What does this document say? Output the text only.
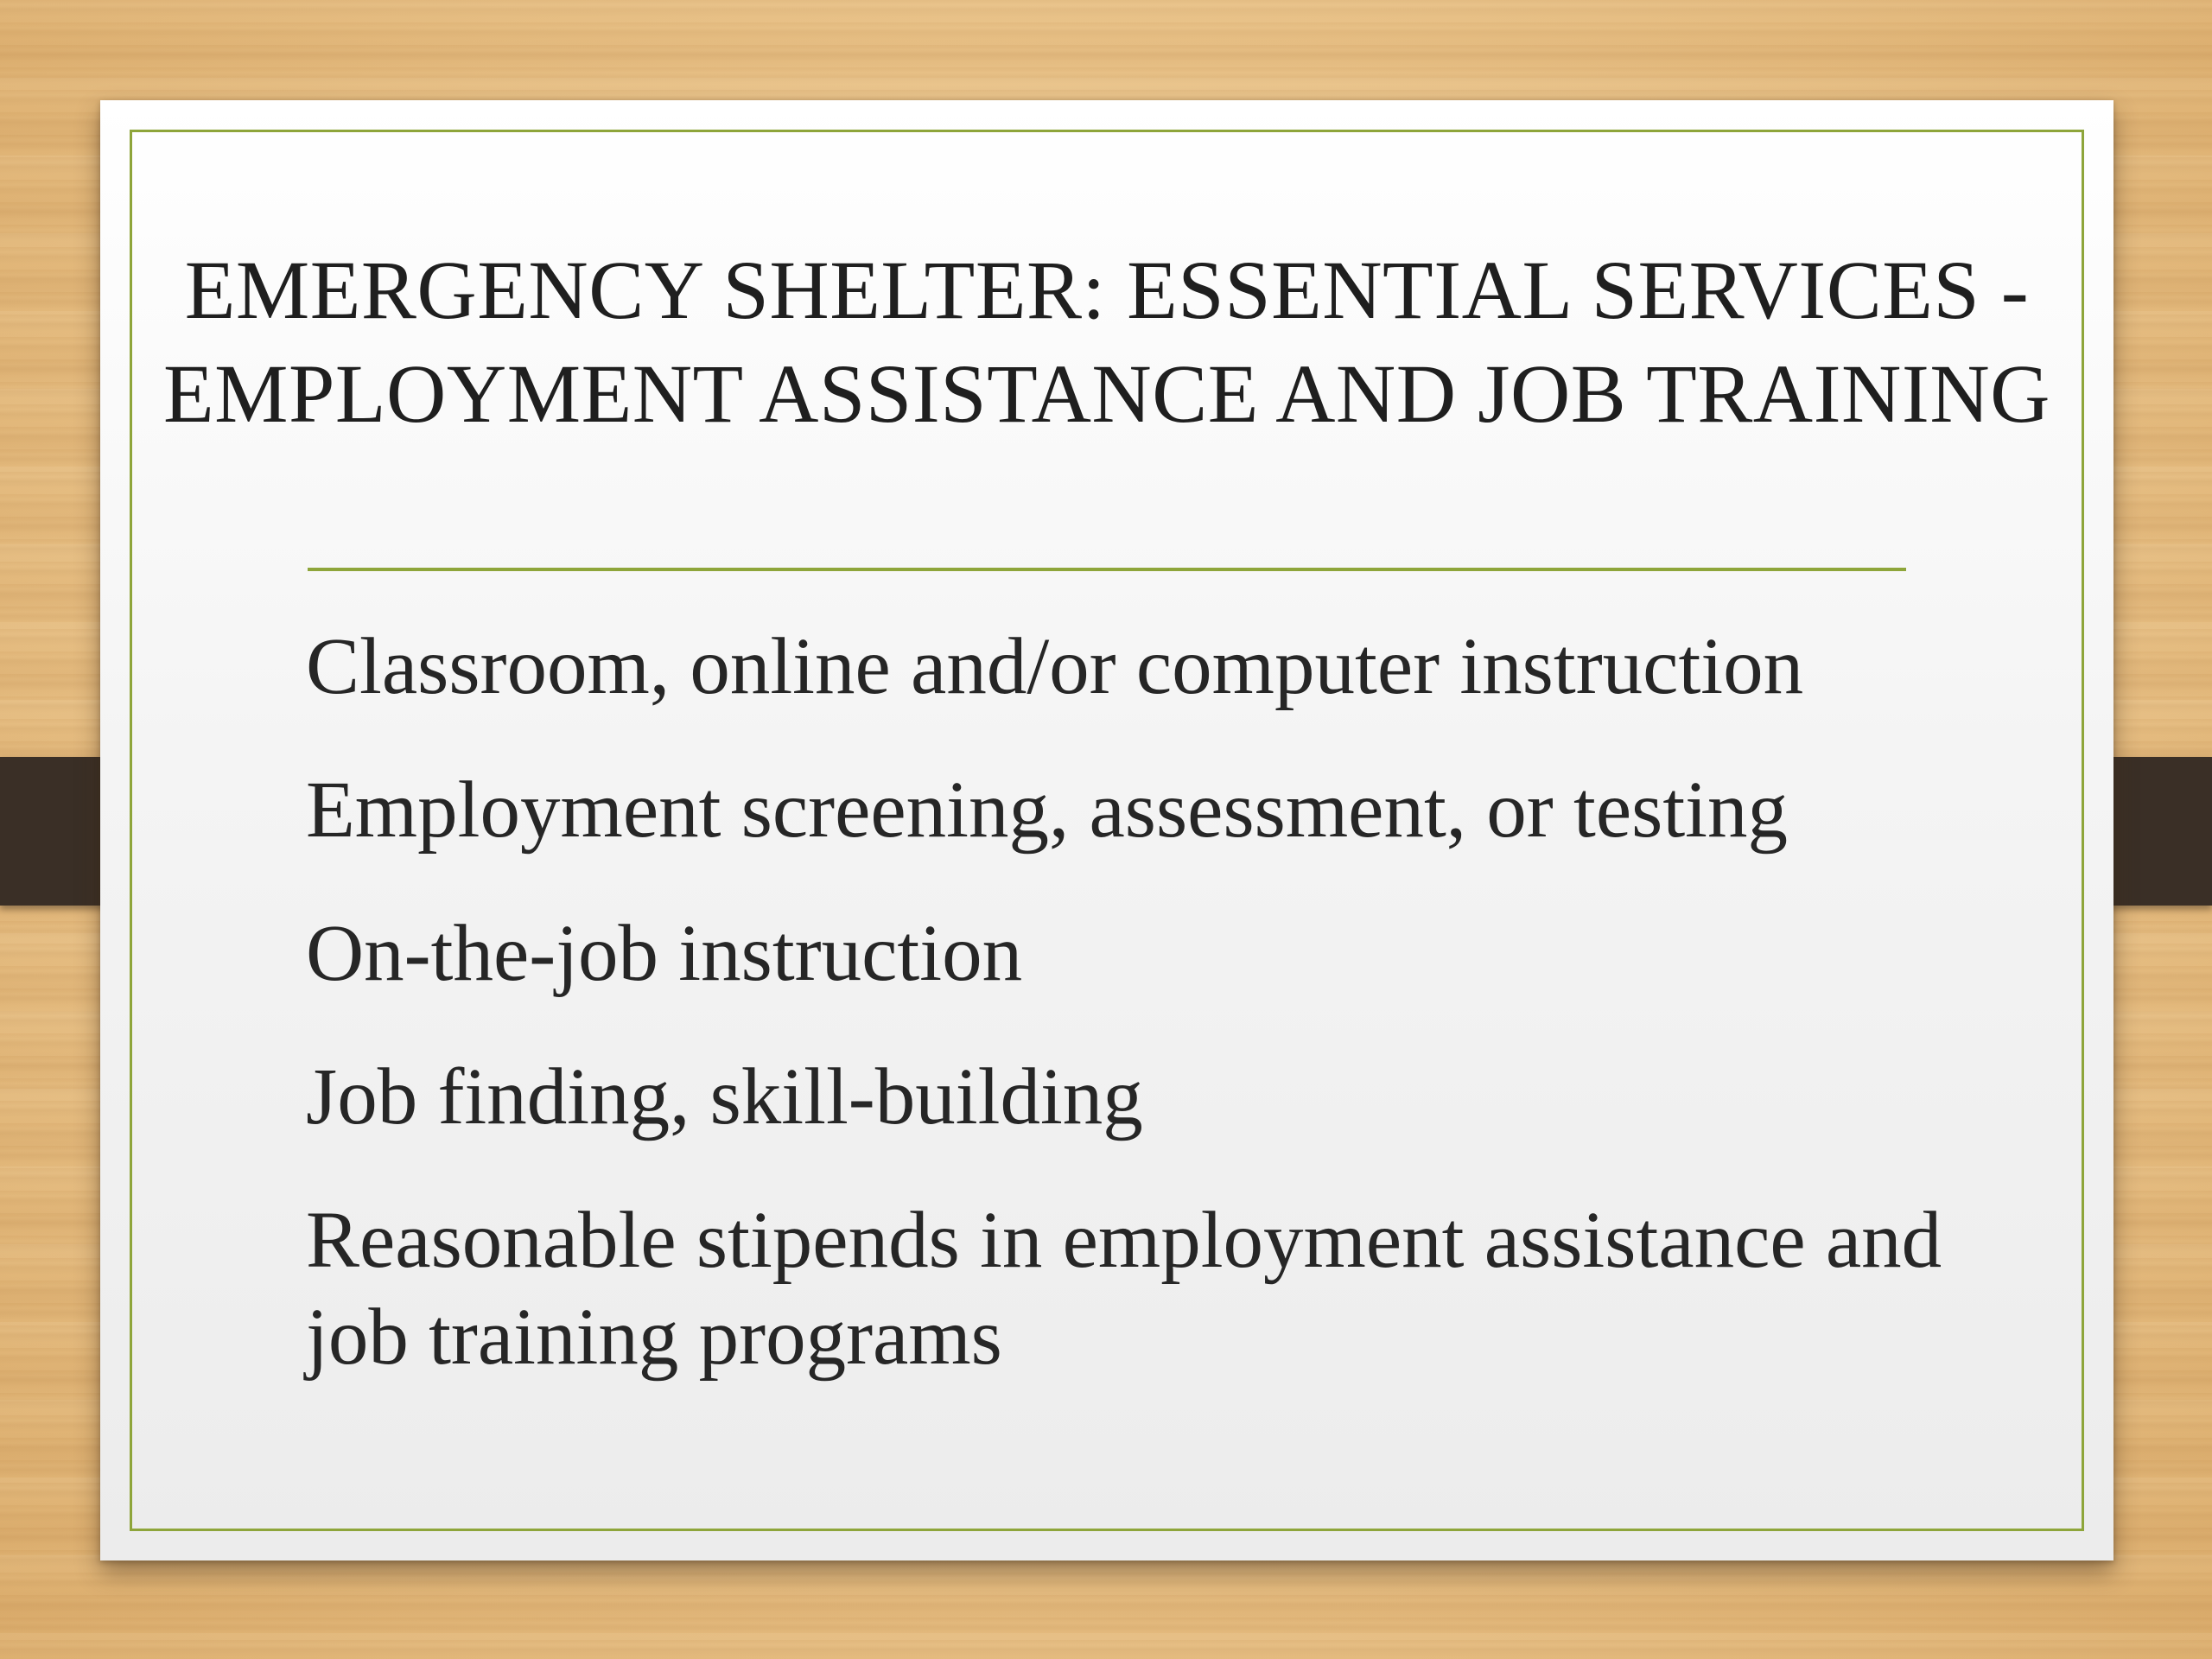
EMERGENCY SHELTER: ESSENTIAL SERVICES - EMPLOYMENT ASSISTANCE AND JOB TRAINING
Classroom, online and/or computer instruction
Employment screening, assessment, or testing
On-the-job instruction
Job finding, skill-building
Reasonable stipends in employment assistance and job training programs
